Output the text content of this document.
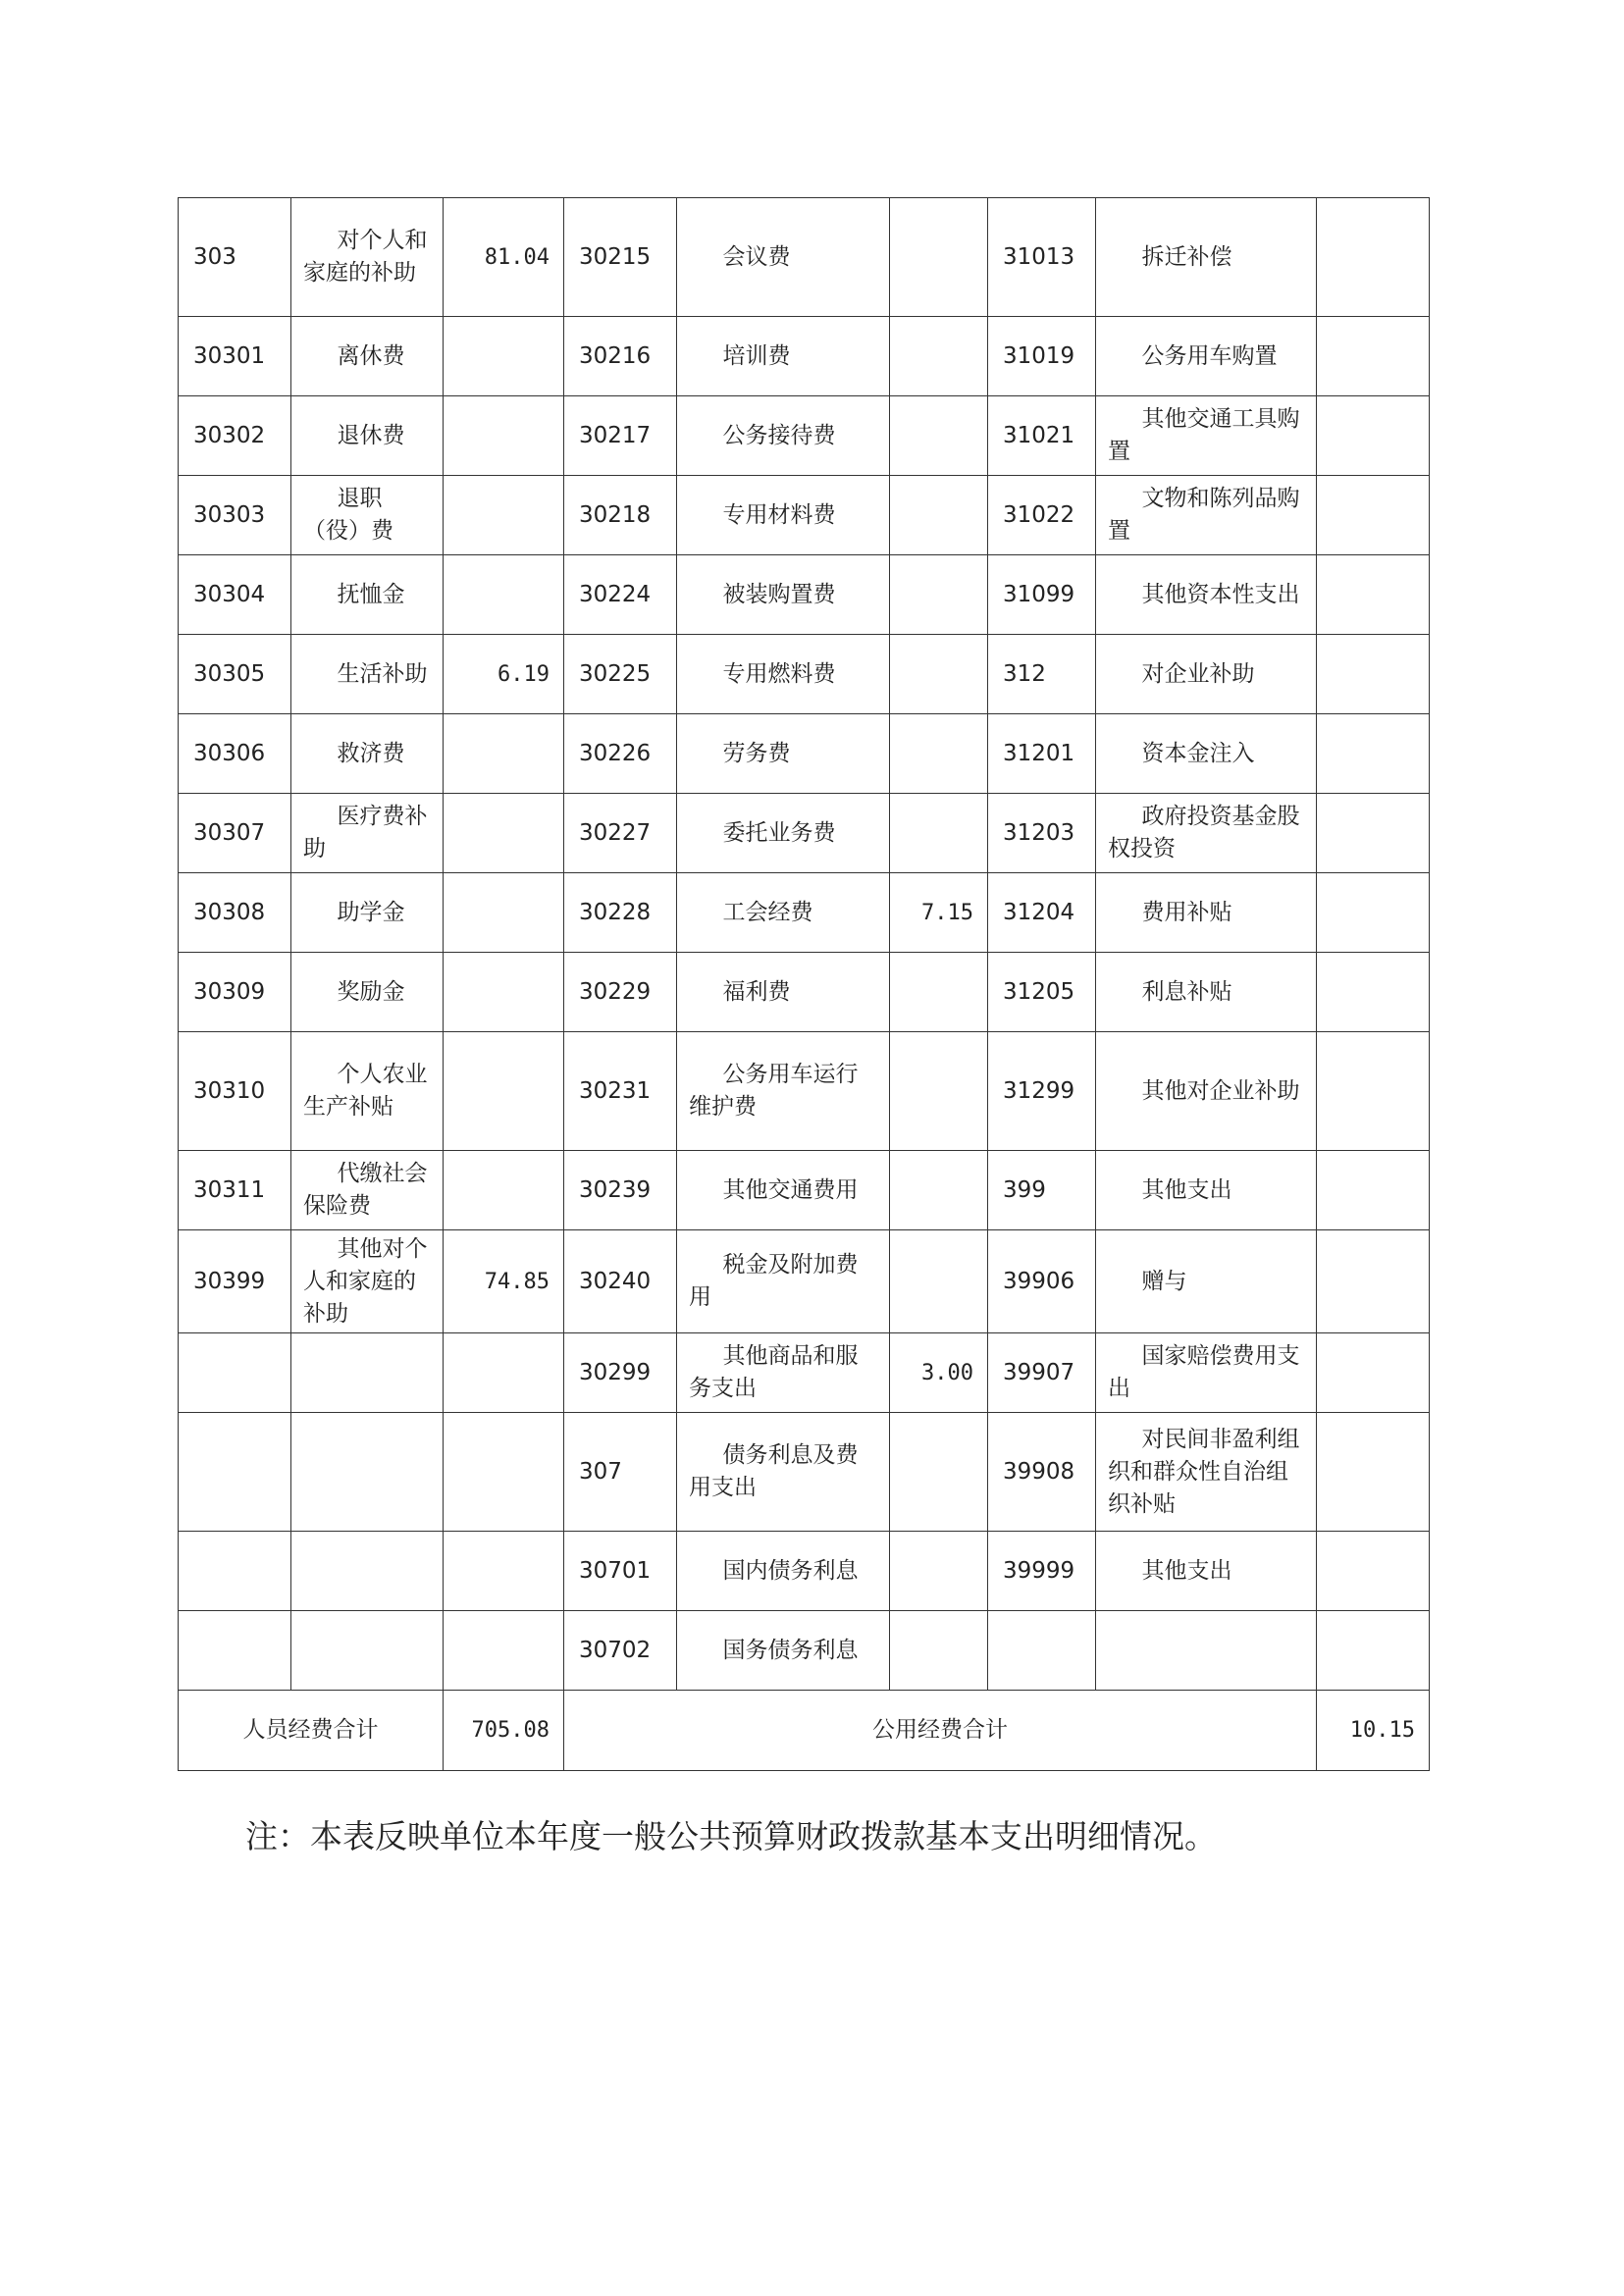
303	对个人和家庭的补助	81.04	30215	会议费		31013	拆迁补偿	
30301	离休费		30216	培训费		31019	公务用车购置	
30302	退休费		30217	公务接待费		31021	其他交通工具购置	
30303	退职（役）费		30218	专用材料费		31022	文物和陈列品购置	
30304	抚恤金		30224	被装购置费		31099	其他资本性支出	
30305	生活补助	6.19	30225	专用燃料费		312	对企业补助	
30306	救济费		30226	劳务费		31201	资本金注入	
30307	医疗费补助		30227	委托业务费		31203	政府投资基金股权投资	
30308	助学金		30228	工会经费	7.15	31204	费用补贴	
30309	奖励金		30229	福利费		31205	利息补贴	
30310	个人农业生产补贴		30231	公务用车运行维护费		31299	其他对企业补助	
30311	代缴社会保险费		30239	其他交通费用		399	其他支出	
30399	其他对个人和家庭的补助	74.85	30240	税金及附加费用		39906	赠与	
			30299	其他商品和服务支出	3.00	39907	国家赔偿费用支出	
			307	债务利息及费用支出		39908	对民间非盈利组织和群众性自治组织补贴	
			30701	国内债务利息		39999	其他支出	
			30702	国务债务利息				
人员经费合计		705.08	公用经费合计					10.15
注：本表反映单位本年度一般公共预算财政拨款基本支出明细情况。
